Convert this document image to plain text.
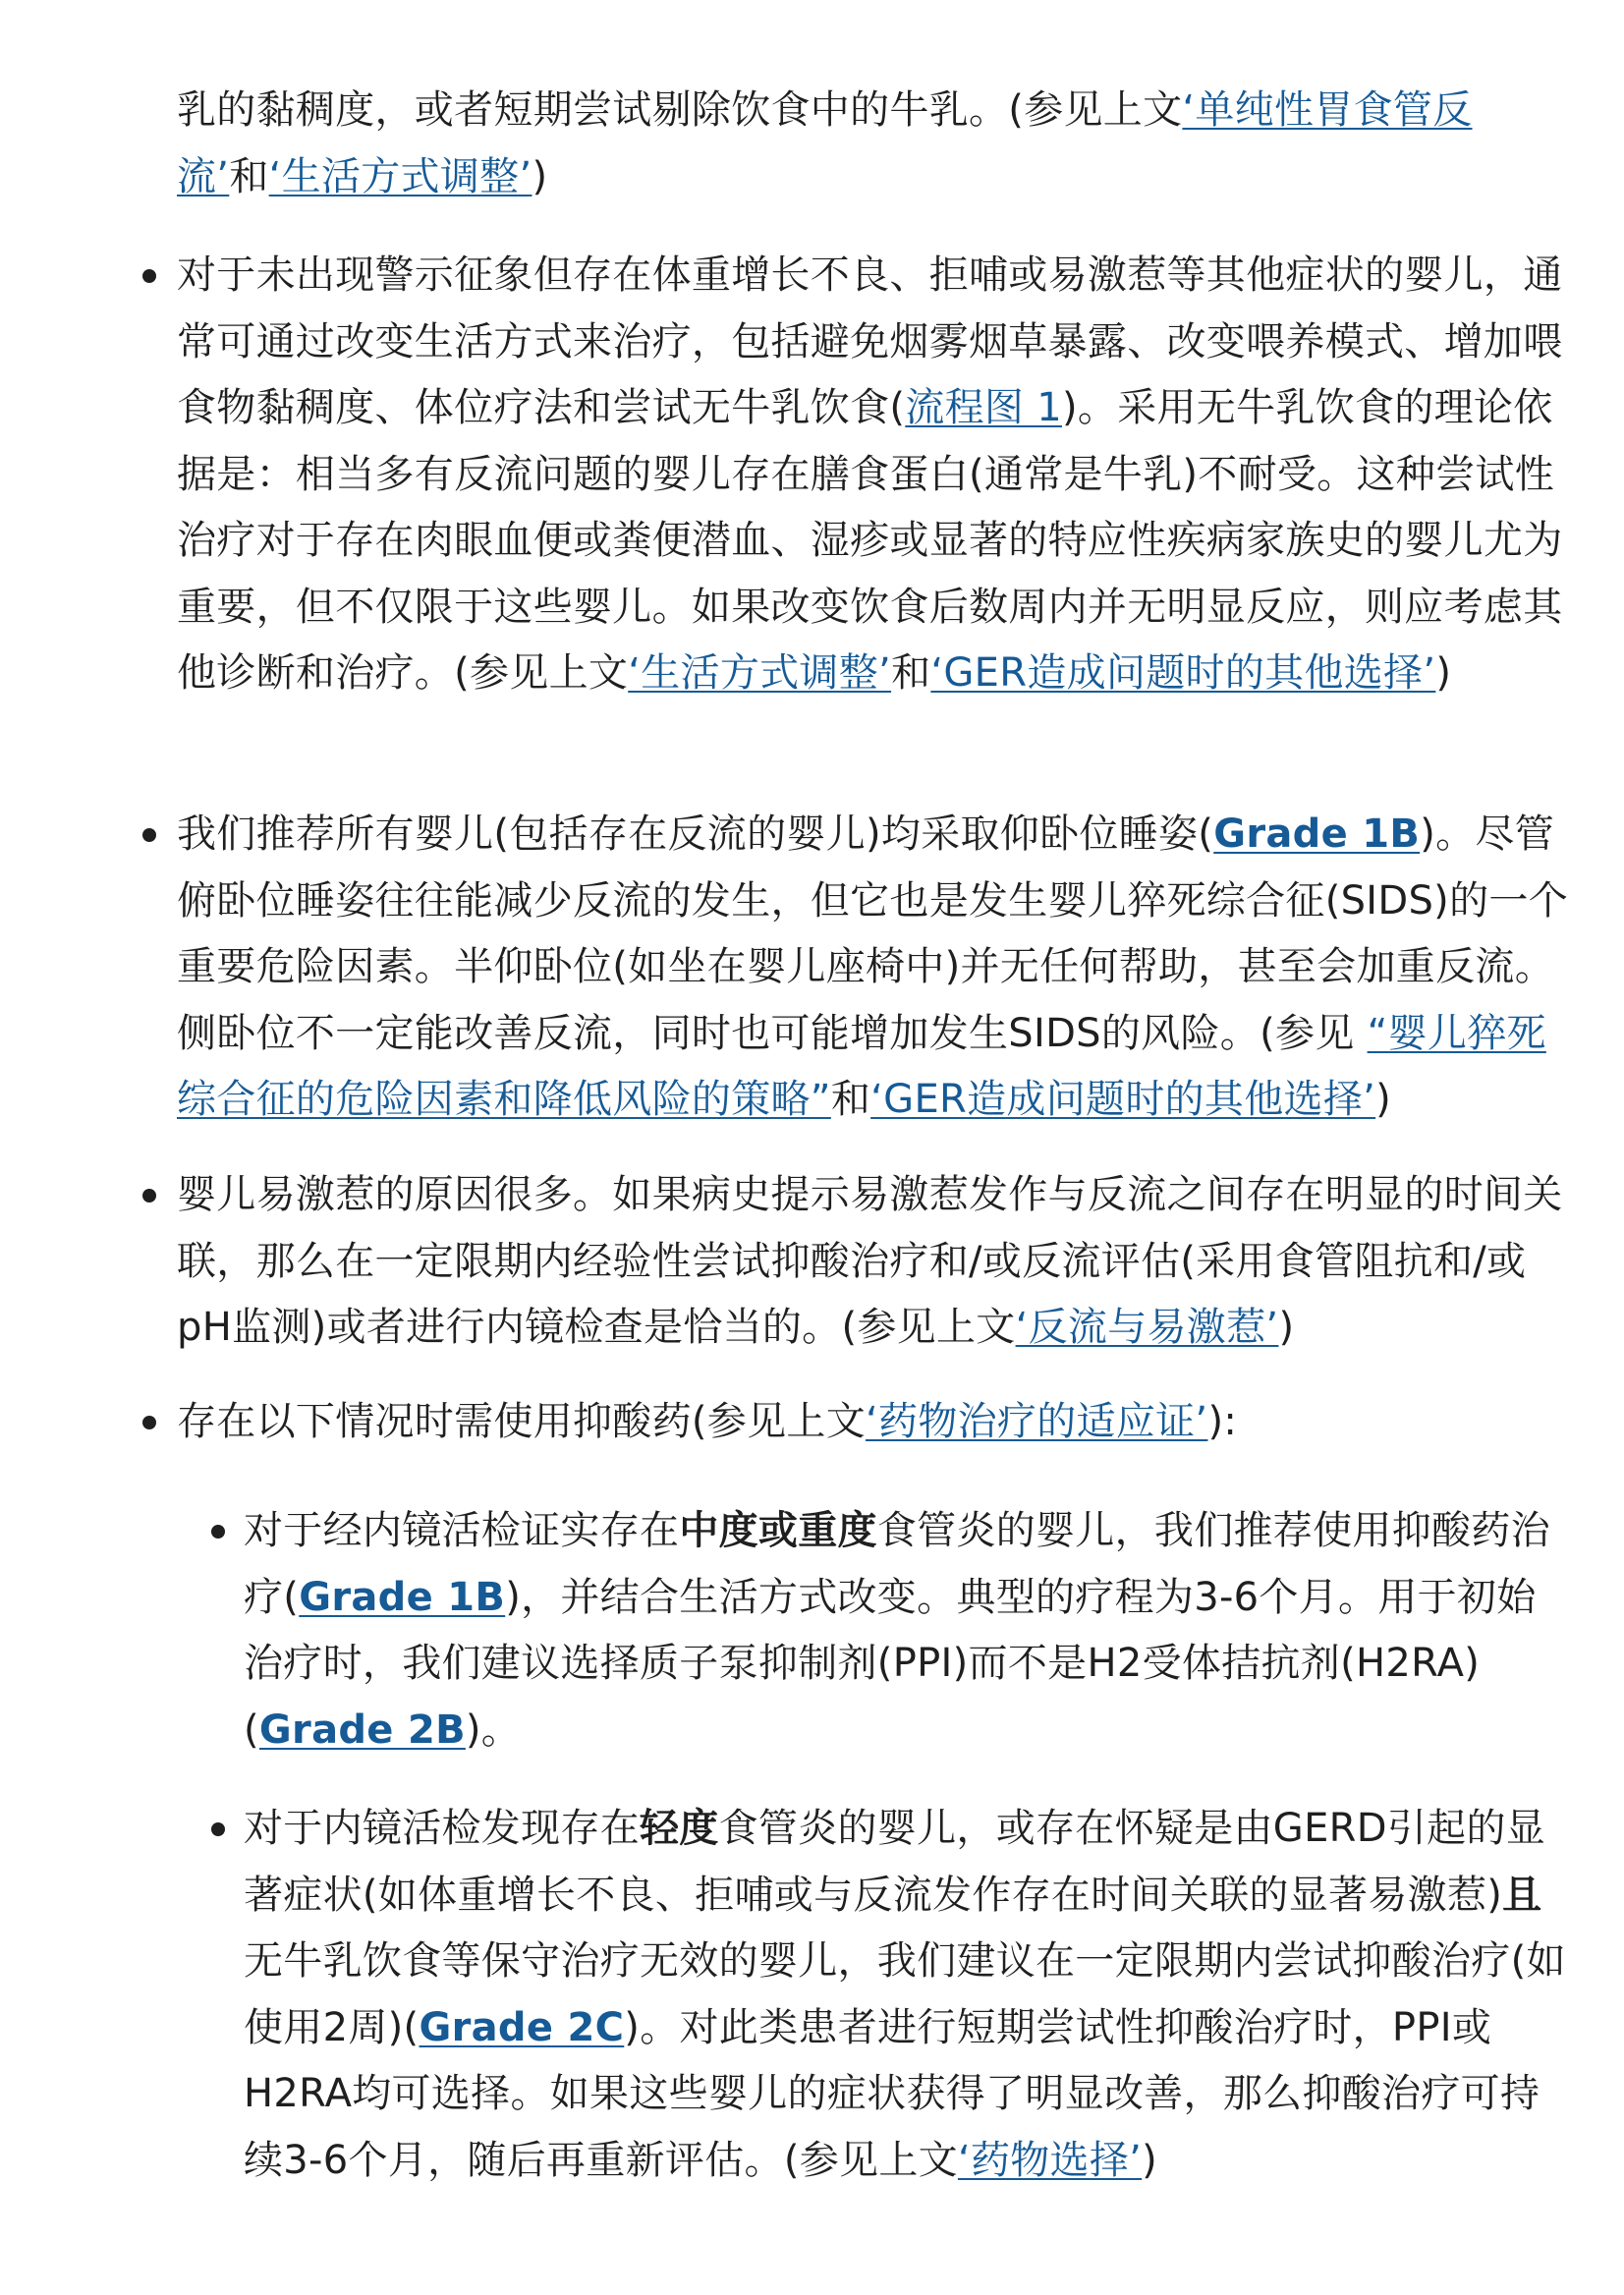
乳的黏稠度，或者短期尝试剔除饮食中的牛乳。(参见上文‘单纯性胃食管反流’和‘生活方式调整’)
对于未出现警示征象但存在体重增长不良、拒哺或易激惹等其他症状的婴儿，通常可通过改变生活方式来治疗，包括避免烟雾烟草暴露、改变喂养模式、增加喂食物黏稠度、体位疗法和尝试无牛乳饮食(流程图 1)。采用无牛乳饮食的理论依据是：相当多有反流问题的婴儿存在膳食蛋白(通常是牛乳)不耐受。这种尝试性治疗对于存在肉眼血便或粪便潜血、湿疹或显著的特应性疾病家族史的婴儿尤为重要，但不仅限于这些婴儿。如果改变饮食后数周内并无明显反应，则应考虑其他诊断和治疗。(参见上文‘生活方式调整’和‘GER造成问题时的其他选择’)
我们推荐所有婴儿(包括存在反流的婴儿)均采取仰卧位睡姿(Grade 1B)。尽管俯卧位睡姿往往能减少反流的发生，但它也是发生婴儿猝死综合征(SIDS)的一个重要危险因素。半仰卧位(如坐在婴儿座椅中)并无任何帮助，甚至会加重反流。侧卧位不一定能改善反流，同时也可能增加发生SIDS的风险。(参见 “婴儿猝死综合征的危险因素和降低风险的策略”和‘GER造成问题时的其他选择’)
婴儿易激惹的原因很多。如果病史提示易激惹发作与反流之间存在明显的时间关联，那么在一定限期内经验性尝试抑酸治疗和/或反流评估(采用食管阻抗和/或pH监测)或者进行内镜检查是恰当的。(参见上文‘反流与易激惹’)
存在以下情况时需使用抑酸药(参见上文‘药物治疗的适应证’):
对于经内镜活检证实存在中度或重度食管炎的婴儿，我们推荐使用抑酸药治疗(Grade 1B)，并结合生活方式改变。典型的疗程为3-6个月。用于初始治疗时，我们建议选择质子泵抑制剂(PPI)而不是H2受体拮抗剂(H2RA)(Grade 2B)。
对于内镜活检发现存在轻度食管炎的婴儿，或存在怀疑是由GERD引起的显著症状(如体重增长不良、拒哺或与反流发作存在时间关联的显著易激惹)且无牛乳饮食等保守治疗无效的婴儿，我们建议在一定限期内尝试抑酸治疗(如使用2周)(Grade 2C)。对此类患者进行短期尝试性抑酸治疗时，PPI或H2RA均可选择。如果这些婴儿的症状获得了明显改善，那么抑酸治疗可持续3-6个月，随后再重新评估。(参见上文‘药物选择’)
